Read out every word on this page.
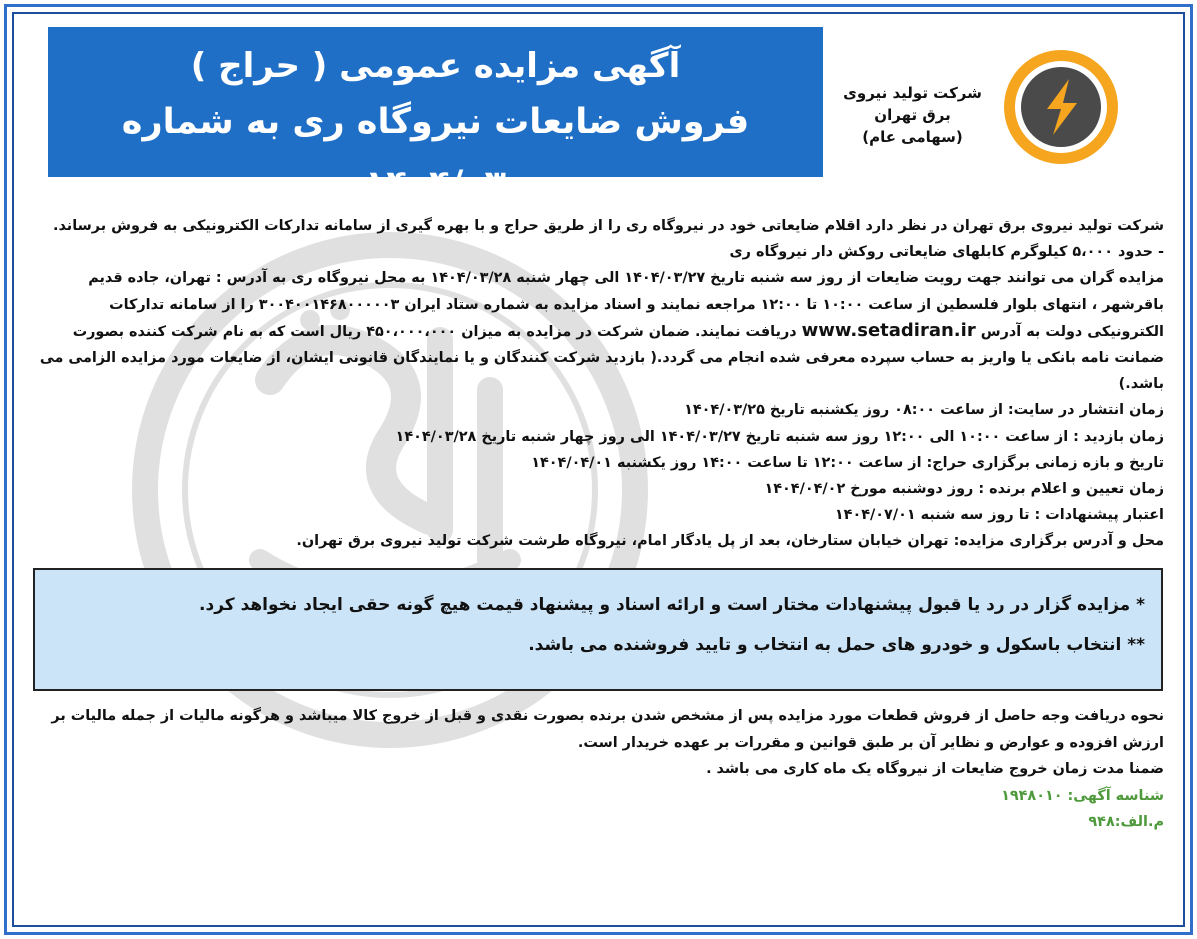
آگهی مزایده عمومی ( حراج )
فروش ضایعات نیروگاه ری به شماره ۱۴۰۴/۰۳
شرکت تولید نیروی
برق تهران
(سهامی عام)

شرکت تولید نیروی برق تهران در نظر دارد اقلام ضایعاتی خود در نیروگاه ری را از طریق حراج و با بهره گیری از سامانه تدارکات الکترونیکی به فروش برساند.

- حدود ۵،۰۰۰ کیلوگرم کابلهای ضایعاتی روکش دار نیروگاه ری

مزایده گران می توانند جهت رویت ضایعات از روز سه شنبه تاریخ ۱۴۰۴/۰۳/۲۷ الی چهار شنبه ۱۴۰۴/۰۳/۲۸ به محل نیروگاه ری به آدرس : تهران، جاده قدیم باقرشهر ، انتهای بلوار فلسطین از ساعت ۱۰:۰۰ تا ۱۲:۰۰ مراجعه نمایند و اسناد مزایده به شماره ستاد ایران ۳۰۰۴۰۰۱۴۶۸۰۰۰۰۰۳ را از سامانه تدارکات الکترونیکی دولت به آدرس www.setadiran.ir دریافت نمایند. ضمان شرکت در مزایده به میزان ۴۵۰،۰۰۰،۰۰۰ ریال است که به نام شرکت کننده بصورت ضمانت نامه بانکی یا واریز به حساب سپرده معرفی شده انجام می گردد.( بازدید شرکت کنندگان و یا نمایندگان قانونی ایشان، از ضایعات مورد مزایده الزامی می باشد.)

زمان انتشار در سایت: از ساعت ۰۸:۰۰ روز یکشنبه تاریخ ۱۴۰۴/۰۳/۲۵

زمان بازدید : از ساعت ۱۰:۰۰ الی ۱۲:۰۰ روز سه شنبه تاریخ ۱۴۰۴/۰۳/۲۷ الی روز چهار شنبه تاریخ ۱۴۰۴/۰۳/۲۸

تاریخ و بازه زمانی برگزاری حراج: از ساعت ۱۲:۰۰ تا ساعت ۱۴:۰۰ روز یکشنبه ۱۴۰۴/۰۴/۰۱

زمان تعیین و اعلام برنده : روز دوشنبه مورخ ۱۴۰۴/۰۴/۰۲

اعتبار پیشنهادات : تا روز سه شنبه ۱۴۰۴/۰۷/۰۱

محل و آدرس برگزاری مزایده: تهران خیابان ستارخان، بعد از پل یادگار امام، نیروگاه طرشت شرکت تولید نیروی برق تهران.

* مزایده گزار در رد یا قبول پیشنهادات مختار است و ارائه اسناد و پیشنهاد قیمت هیچ گونه حقی ایجاد نخواهد کرد.

** انتخاب باسکول و خودرو های حمل به انتخاب و تایید فروشنده می باشد.

نحوه دریافت وجه حاصل از فروش قطعات مورد مزایده پس از مشخص شدن برنده بصورت نقدی و قبل از خروج کالا میباشد و هرگونه مالیات از جمله مالیات بر ارزش افزوده و عوارض و نظایر آن بر طبق قوانین و مقررات بر عهده خریدار است.

ضمنا مدت زمان خروج ضایعات از نیروگاه یک ماه کاری می باشد .

شناسه آگهی: ۱۹۴۸۰۱۰

م.الف:۹۴۸
